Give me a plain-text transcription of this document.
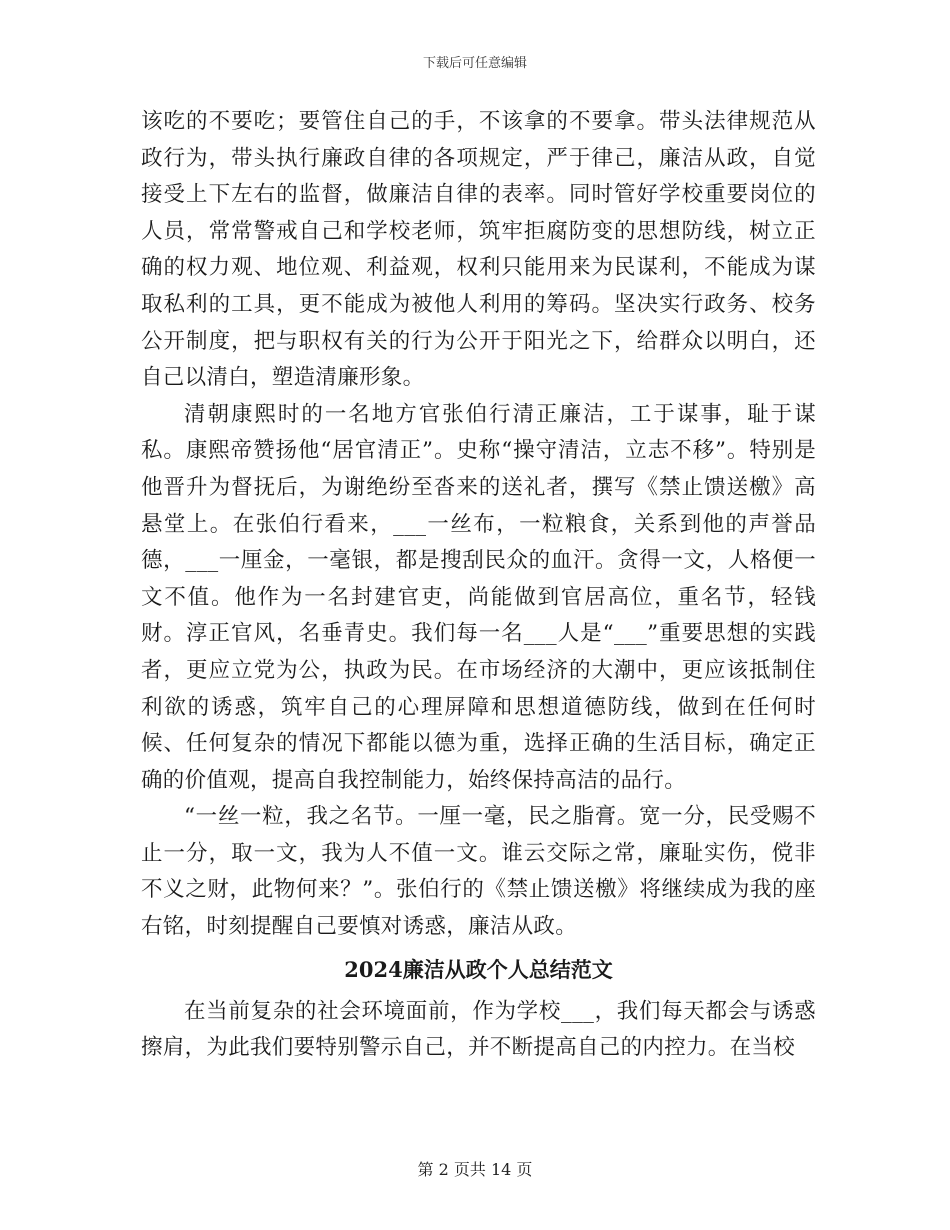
下载后可任意编辑

该吃的不要吃；要管住自己的手，不该拿的不要拿。带头法律规范从政行为，带头执行廉政自律的各项规定，严于律己，廉洁从政，自觉接受上下左右的监督，做廉洁自律的表率。同时管好学校重要岗位的人员，常常警戒自己和学校老师，筑牢拒腐防变的思想防线，树立正确的权力观、地位观、利益观，权利只能用来为民谋利，不能成为谋取私利的工具，更不能成为被他人利用的筹码。坚决实行政务、校务公开制度，把与职权有关的行为公开于阳光之下，给群众以明白，还自己以清白，塑造清廉形象。

清朝康熙时的一名地方官张伯行清正廉洁，工于谋事，耻于谋私。康熙帝赞扬他“居官清正”。史称“操守清洁，立志不移”。特别是他晋升为督抚后，为谢绝纷至沓来的送礼者，撰写《禁止馈送檄》高悬堂上。在张伯行看来，___一丝布，一粒粮食，关系到他的声誉品德，___一厘金，一毫银，都是搜刮民众的血汗。贪得一文，人格便一文不值。他作为一名封建官吏，尚能做到官居高位，重名节，轻钱财。淳正官风，名垂青史。我们每一名___人是“___”重要思想的实践者，更应立党为公，执政为民。在市场经济的大潮中，更应该抵制住利欲的诱惑，筑牢自己的心理屏障和思想道德防线，做到在任何时候、任何复杂的情况下都能以德为重，选择正确的生活目标，确定正确的价值观，提高自我控制能力，始终保持高洁的品行。

“一丝一粒，我之名节。一厘一毫，民之脂膏。宽一分，民受赐不止一分，取一文，我为人不值一文。谁云交际之常，廉耻实伤，傥非不义之财，此物何来？”。张伯行的《禁止馈送檄》将继续成为我的座右铭，时刻提醒自己要慎对诱惑，廉洁从政。

2024廉洁从政个人总结范文

在当前复杂的社会环境面前，作为学校___，我们每天都会与诱惑擦肩，为此我们要特别警示自己，并不断提高自己的内控力。在当校

第 2 页共 14 页
